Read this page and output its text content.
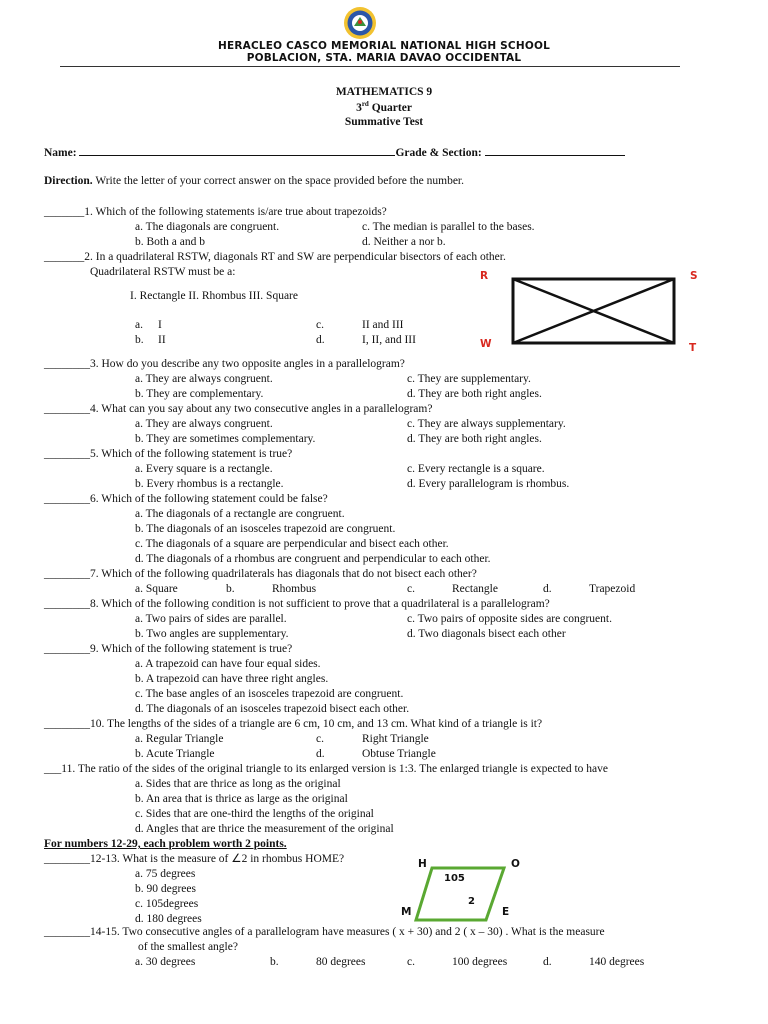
HERACLEO CASCO MEMORIAL NATIONAL HIGH SCHOOL
POBLACION, STA. MARIA DAVAO OCCIDENTAL
MATHEMATICS 9
3rd Quarter
Summative Test
Name:	Grade & Section:
Direction. Write the letter of your correct answer on the space provided before the number.
_______1. Which of the following statements is/are true about trapezoids?
a. The diagonals are congruent.	c. The median is parallel to the bases.
b. Both a and b	d. Neither a nor b.
_______2. In a quadrilateral RSTW, diagonals RT and SW are perpendicular bisectors of each other.
Quadrilateral RSTW must be a:
I. Rectangle II. Rhombus III. Square
a. I	c.	II and III
b. II	d.	I, II, and III
R	S
W	T
________3. How do you describe any two opposite angles in a parallelogram?
a. They are always congruent.	c. They are supplementary.
b. They are complementary.	d. They are both right angles.
________4. What can you say about any two consecutive angles in a parallelogram?
a. They are always congruent.	c. They are always supplementary.
b. They are sometimes complementary.	d. They are both right angles.
________5. Which of the following statement is true?
a. Every square is a rectangle.	c. Every rectangle is a square.
b. Every rhombus is a rectangle.	d. Every parallelogram is rhombus.
________6. Which of the following statement could be false?
a. The diagonals of a rectangle are congruent.
b. The diagonals of an isosceles trapezoid are congruent.
c. The diagonals of a square are perpendicular and bisect each other.
d. The diagonals of a rhombus are congruent and perpendicular to each other.
________7. Which of the following quadrilaterals has diagonals that do not bisect each other?
a. Square	b.	Rhombus	c.	Rectangle	d.	Trapezoid
________8. Which of the following condition is not sufficient to prove that a quadrilateral is a parallelogram?
a. Two pairs of sides are parallel.	c. Two pairs of opposite sides are congruent.
b. Two angles are supplementary.	d. Two diagonals bisect each other
________9. Which of the following statement is true?
a. A trapezoid can have four equal sides.
b. A trapezoid can have three right angles.
c. The base angles of an isosceles trapezoid are congruent.
d. The diagonals of an isosceles trapezoid bisect each other.
________10. The lengths of the sides of a triangle are 6 cm, 10 cm, and 13 cm. What kind of a triangle is it?
a. Regular Triangle	c.	Right Triangle
b. Acute Triangle	d.	Obtuse Triangle
___11. The ratio of the sides of the original triangle to its enlarged version is 1:3. The enlarged triangle is expected to have
a. Sides that are thrice as long as the original
b. An area that is thrice as large as the original
c. Sides that are one-third the lengths of the original
d. Angles that are thrice the measurement of the original
For numbers 12-29, each problem worth 2 points.
________12-13. What is the measure of ∠2 in rhombus HOME?
a. 75 degrees
b. 90 degrees
c. 105degrees
d. 180 degrees
H	O
M	E
105
2
________14-15. Two consecutive angles of a parallelogram have measures ( x + 30) and 2 ( x – 30) . What is the measure
of the smallest angle?
a. 30 degrees	b.	80 degrees	c.	100 degrees	d.	140 degrees
